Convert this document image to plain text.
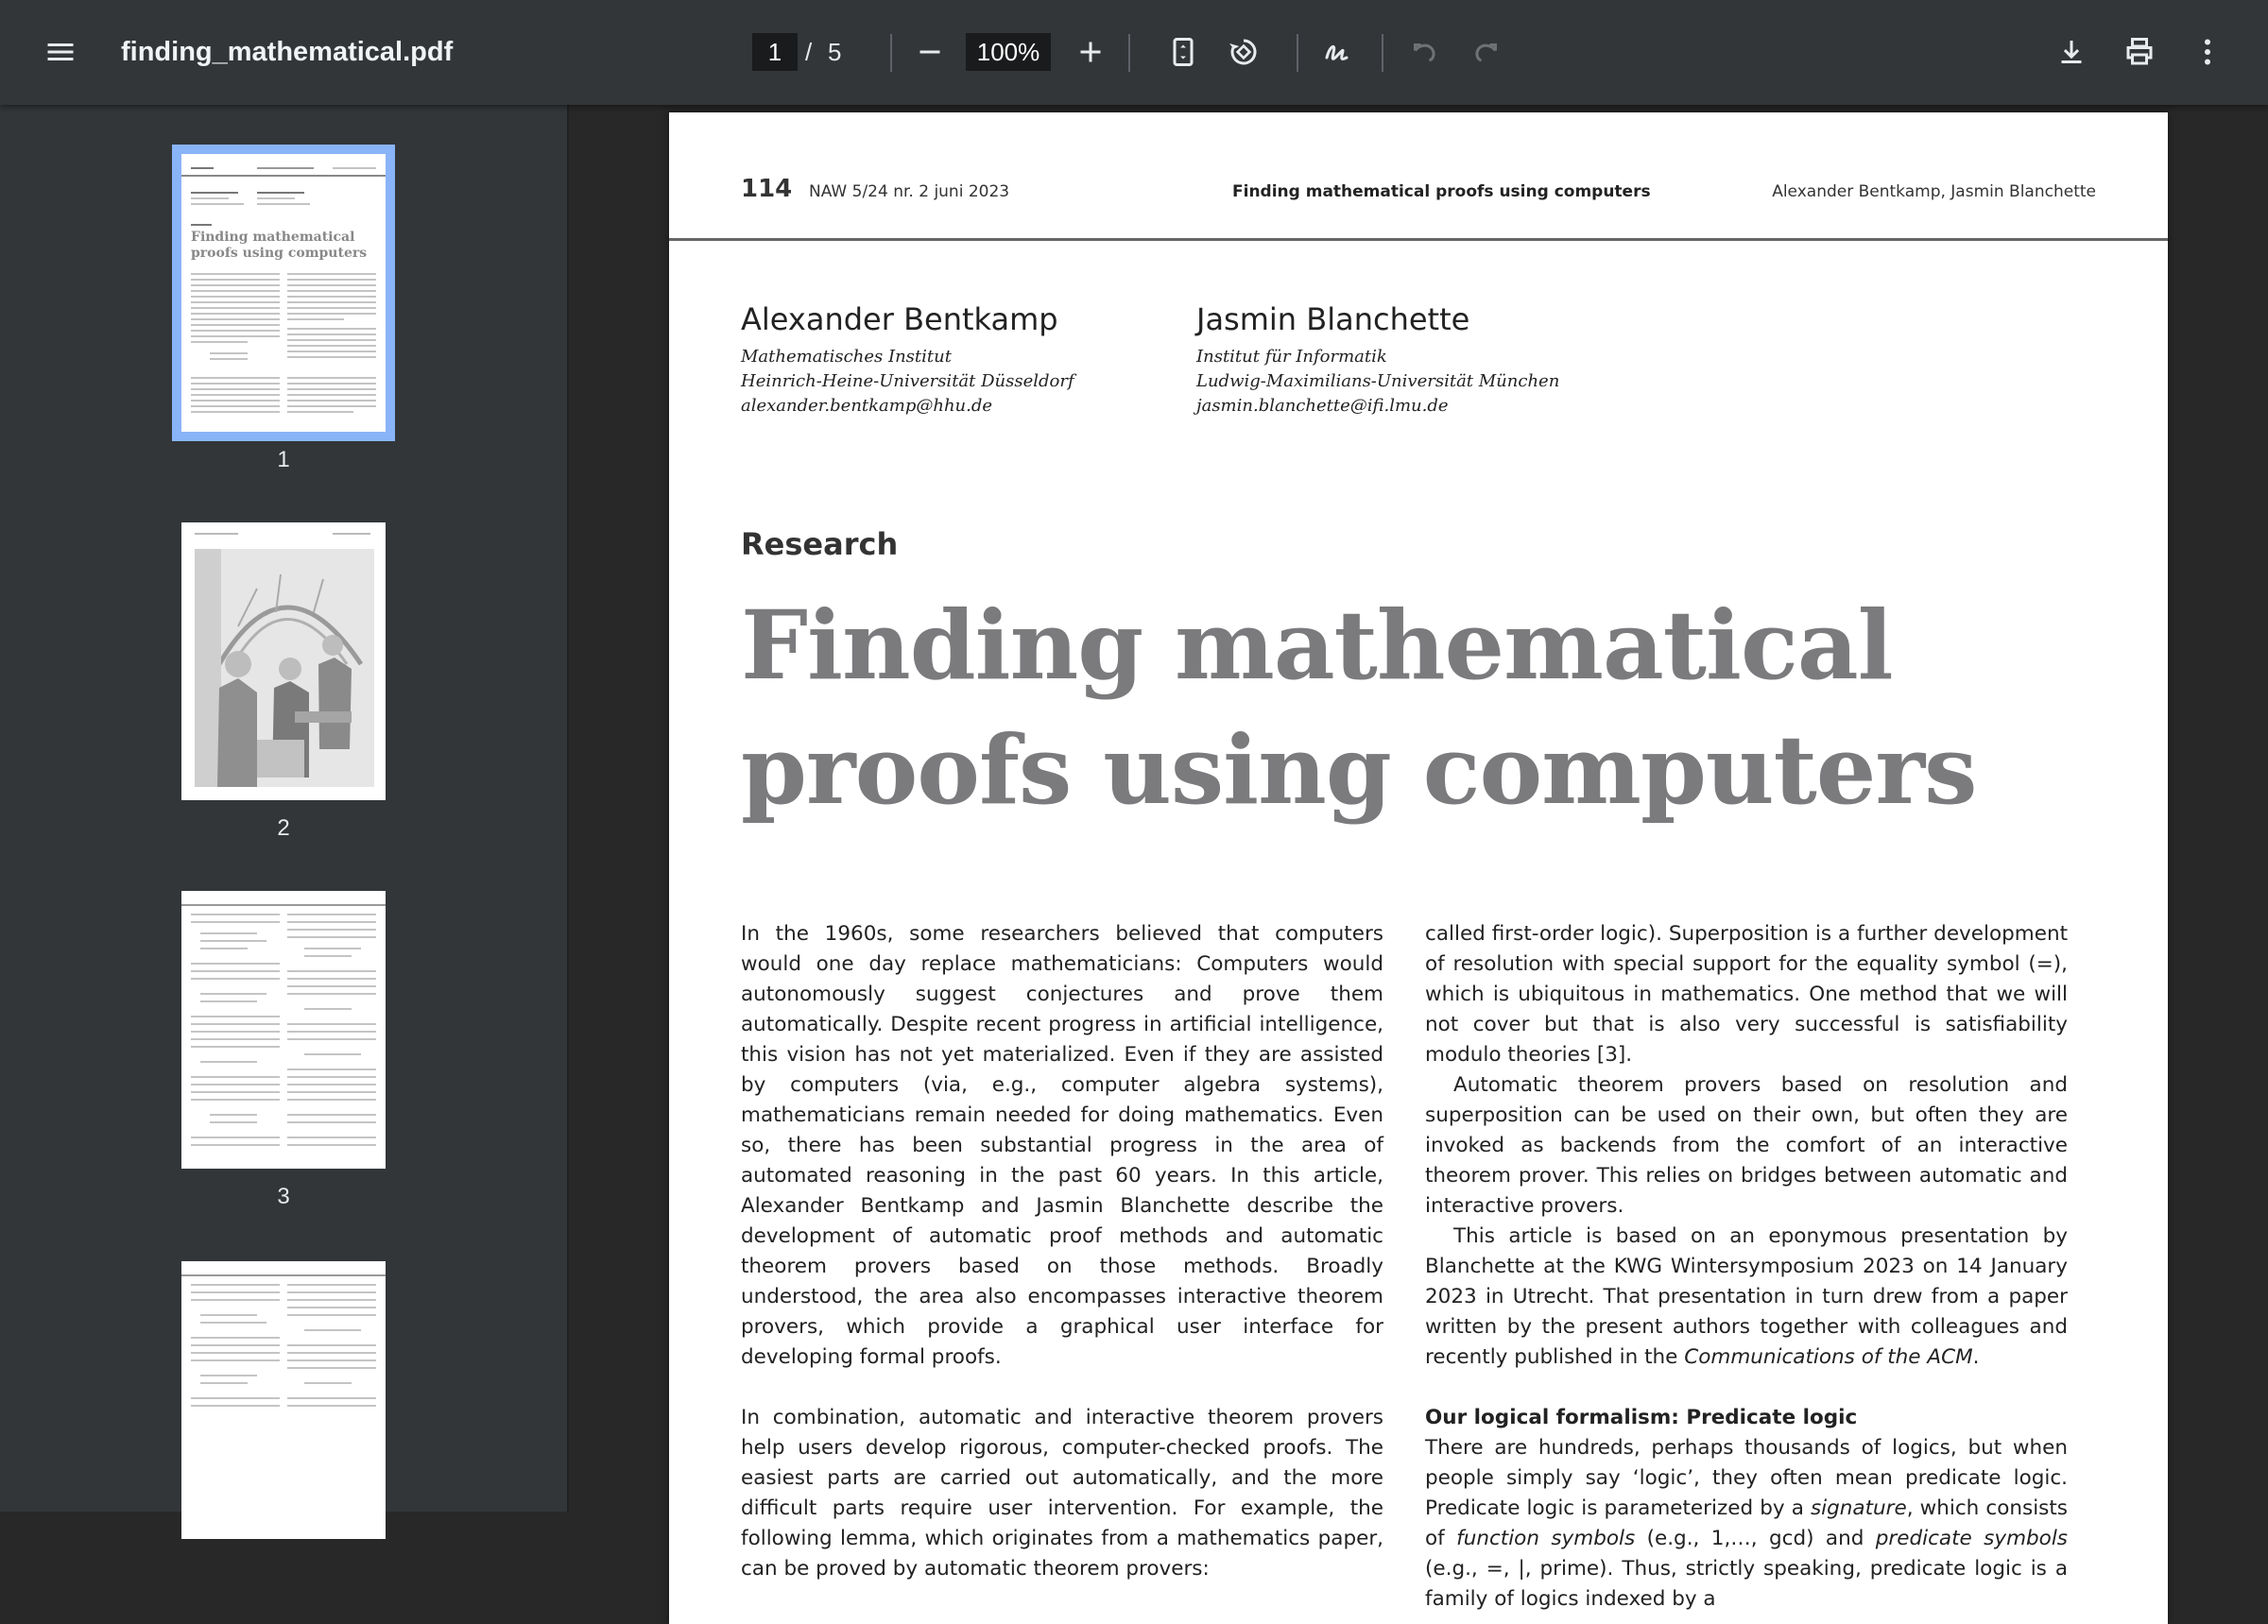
finding_mathematical.pdf	1 / 5	100%
Finding mathematical
proofs using computers
1
2
3
114 NAW 5/24 nr. 2 juni 2023	Finding mathematical proofs using computers	Alexander Bentkamp, Jasmin Blanchette
Alexander Bentkamp
Mathematisches Institut
Heinrich-Heine-Universität Düsseldorf
alexander.bentkamp@hhu.de
Jasmin Blanchette
Institut für Informatik
Ludwig-Maximilians-Universität München
jasmin.blanchette@ifi.lmu.de
Research
Finding mathematical
proofs using computers

In the 1960s, some researchers believed that computers would one day replace mathematicians: Computers would autonomously suggest conjectures and prove them automatically. Despite recent progress in artificial intelligence, this vision has not yet materialized. Even if they are assisted by computers (via, e.g., computer algebra systems), mathematicians remain needed for doing mathematics. Even so, there has been substantial progress in the area of automated reasoning in the past 60 years. In this article, Alexander Bentkamp and Jasmin Blanchette describe the development of automatic proof methods and automatic theorem provers based on those methods. Broadly understood, the area also encompasses interactive theorem provers, which provide a graphical user interface for developing formal proofs.

In combination, automatic and interactive theorem provers help users develop rigorous, computer-checked proofs. The easiest parts are carried out automatically, and the more difficult parts require user intervention. For example, the following lemma, which originates from a mathematics paper, can be proved by automatic theorem provers:

called first-order logic). Superposition is a further development of resolution with special support for the equality symbol (=), which is ubiquitous in mathematics. One method that we will not cover but that is also very successful is satisfiability modulo theories [3].

Automatic theorem provers based on resolution and superposition can be used on their own, but often they are invoked as backends from the comfort of an interactive theorem prover. This relies on bridges between automatic and interactive provers.

This article is based on an eponymous presentation by Blanchette at the KWG Wintersymposium 2023 on 14 January 2023 in Utrecht. That presentation in turn drew from a paper written by the present authors together with colleagues and recently published in the Communications of the ACM.

Our logical formalism: Predicate logic

There are hundreds, perhaps thousands of logics, but when people simply say ‘logic’, they often mean predicate logic. Predicate logic is parameterized by a signature, which consists of function symbols (e.g., 1,…, gcd) and predicate symbols (e.g., =, |, prime). Thus, strictly speaking, predicate logic is a family of logics indexed by a
